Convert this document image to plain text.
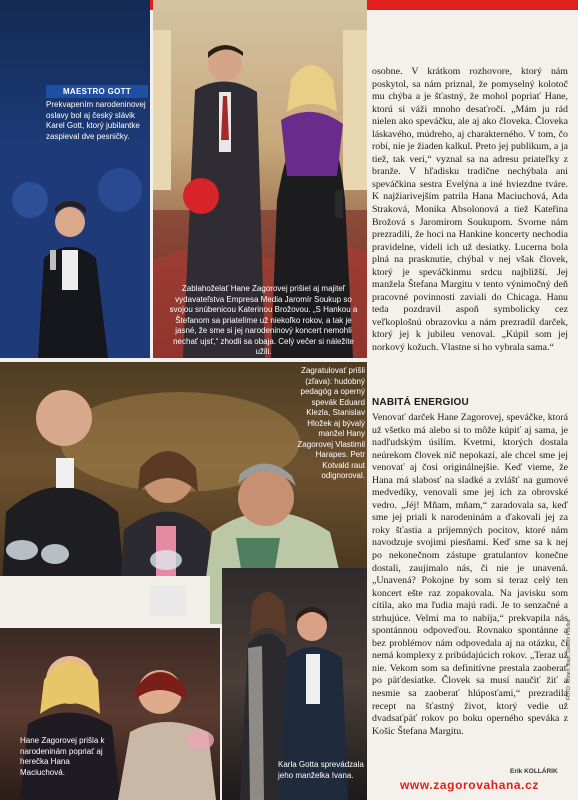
MAESTRO GOTT
Prekvapením narodeninovej oslavy bol aj český slávik Karel Gott, ktorý jubilantke zaspieval dve pesničky.
Zablahoželať Hane Zagorovej prišiel aj majiteľ vydavateľstva Empresa Media Jaromír Soukup so svojou snúbenicou Katerinou Brožovou. „S Hankou a Štefanom sa priatelíme už niekoľko rokov, a tak je jasné, že sme si jej narodeninový koncert nemohli nechať ujsť,“ zhodli sa obaja. Celý večer si náležite užili.
Zagratulovať prišli (zľava): hudobný pedagóg a operný spevák Eduard Klezla, Stanislav Hložek aj bývalý manžel Hany Zagorovej Vlastimil Harapes. Petr Kotvald raut odignoroval.
Hane Zagorovej prišla k narodeninám popriať aj herečka Hana Maciuchová.
Karla Gotta sprevádzala jeho manželka Ivana.

osobne. V krátkom rozhovore, ktorý nám poskytol, sa nám priznal, že pomyselný kolotoč mu chýba a je šťastný, že mohol popriať Hane, ktorú si váži mnoho desaťročí. „Mám ju rád nielen ako speváčku, ale aj ako človeka. Človeka láskavého, múdreho, aj charakterného. V tom, čo robí, nie je žiaden kalkul. Preto jej publikum, a ja tiež, tak verí,“ vyznal sa na adresu priateľky z branže. V hľadisku tradične nechýbala ani speváčkina sestra Evelýna a iné hviezdne tváre. K najžiarivejším patrila Hana Maciuchová, Ada Straková, Monika Absolonová a tiež Kateřina Brožová s Jaromírom Soukupom. Svorne nám prezradili, že hoci na Hankine koncerty nechodia pravidelne, videli ich už desiatky. Lucerna bola plná na prasknutie, chýbal v nej však človek, ktorý je speváčkinmu srdcu najbližší. Jej manžela Štefana Margitu v tento výnimočný deň pracovné povinnosti zaviali do Chicaga. Hanu teda pozdravil aspoň symbolicky cez veľkoplošnú obrazovku a nám prezradil darček, ktorý jej k jubileu venoval. „Kúpil som jej norkový kožuch. Vlastne si ho vybrala sama.“

NABITÁ ENERGIOU

Venovať darček Hane Zagorovej, speváčke, ktorá už všetko má alebo si to môže kúpiť aj sama, je nadľudským úsilím. Kvetmi, ktorých dostala neúrekom človek nič nepokazí, ale chcel sme jej venovať aj čosi originálnejšie. Keď vieme, že Hana má slabosť na sladké a zvlášť na gumové medvedíky, venovali sme jej ich za obrovské vedro. „Jéj! Mňam, mňam,“ zaradovala sa, keď sme jej priali k narodeninám a ďakovali jej za roky šťastia a príjemných pocitov, ktoré nám navodzuje svojimi piesňami. Keď sme sa k nej po nekonečnom zástupe gratulantov konečne dostali, zaujímalo nás, či nie je unavená. „Unavená? Pokojne by som si teraz celý ten koncert ešte raz zopakovala. Na javisku som cítila, ako ma ľudia majú radi. Je to senzačné a strhujúce. Velmi ma to nabíja,“ prekvapila nás spontánnou odpoveďou. Rovnako spontánne a bez problémov nám odpovedala aj na otázku, či nemá komplexy z pribúdajúcich rokov. „Teraz už nie. Vekom som sa definitívne prestala zaoberať po päťdesiatke. Človek sa musí naučiť žiť a nesmie sa zaoberať hlúposťami,“ prezradila recept na šťastný život, ktorý vedie už dvadsaťpäť rokov po boku operného speváka z Košíc Štefana Margitu.

Erik KOLLÁRIK
FOTO: Robert Stapf, Dalibor Poufka
www.zagorovahana.cz
